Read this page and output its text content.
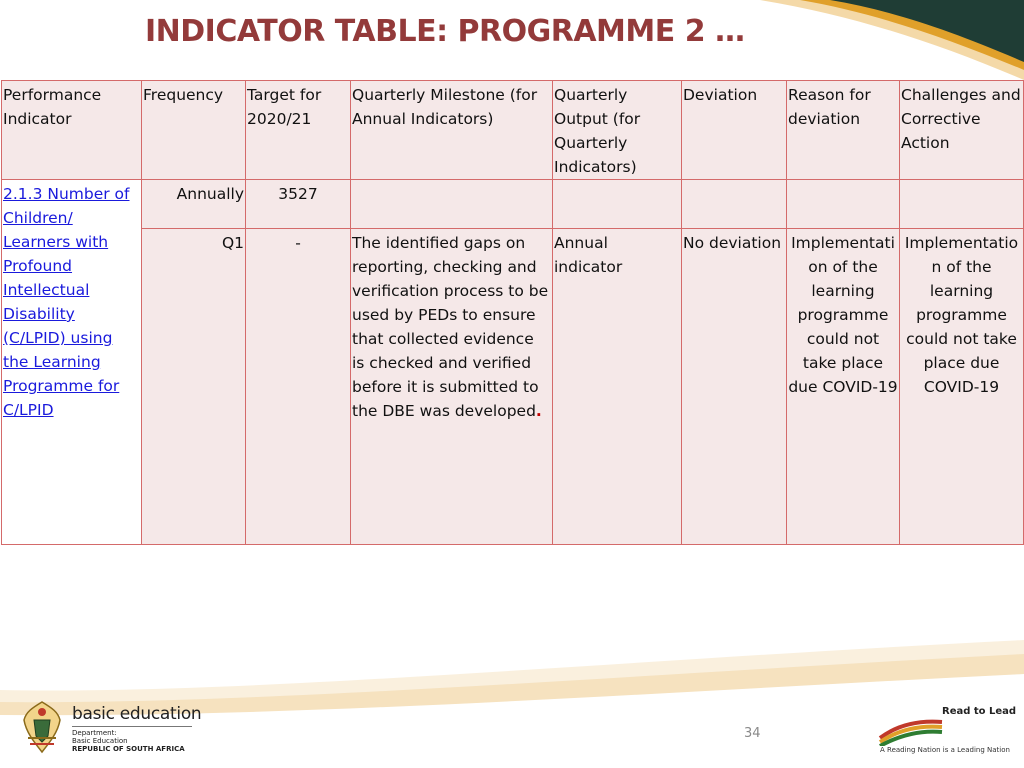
INDICATOR TABLE: PROGRAMME 2 …
Performance Indicator	Frequency	Target for 2020/21	Quarterly Milestone (for Annual Indicators)	Quarterly Output (for Quarterly Indicators)	Deviation	Reason for deviation	Challenges and Corrective Action
2.1.3 Number of Children/ Learners with Profound Intellectual Disability (C/LPID) using the Learning Programme for C/LPID	Annually	3527					
	Q1	-	The identified gaps on reporting, checking and verification process to be used by PEDs to ensure that collected evidence is checked and verified before it is submitted to the DBE was developed.	Annual indicator	No deviation	Implementation of the learning programme could not take place due COVID-19	Implementation of the learning programme could not take place due COVID-19
basic education
Department:
Basic Education
REPUBLIC OF SOUTH AFRICA
34
Read to Lead
A Reading Nation is a Leading Nation
